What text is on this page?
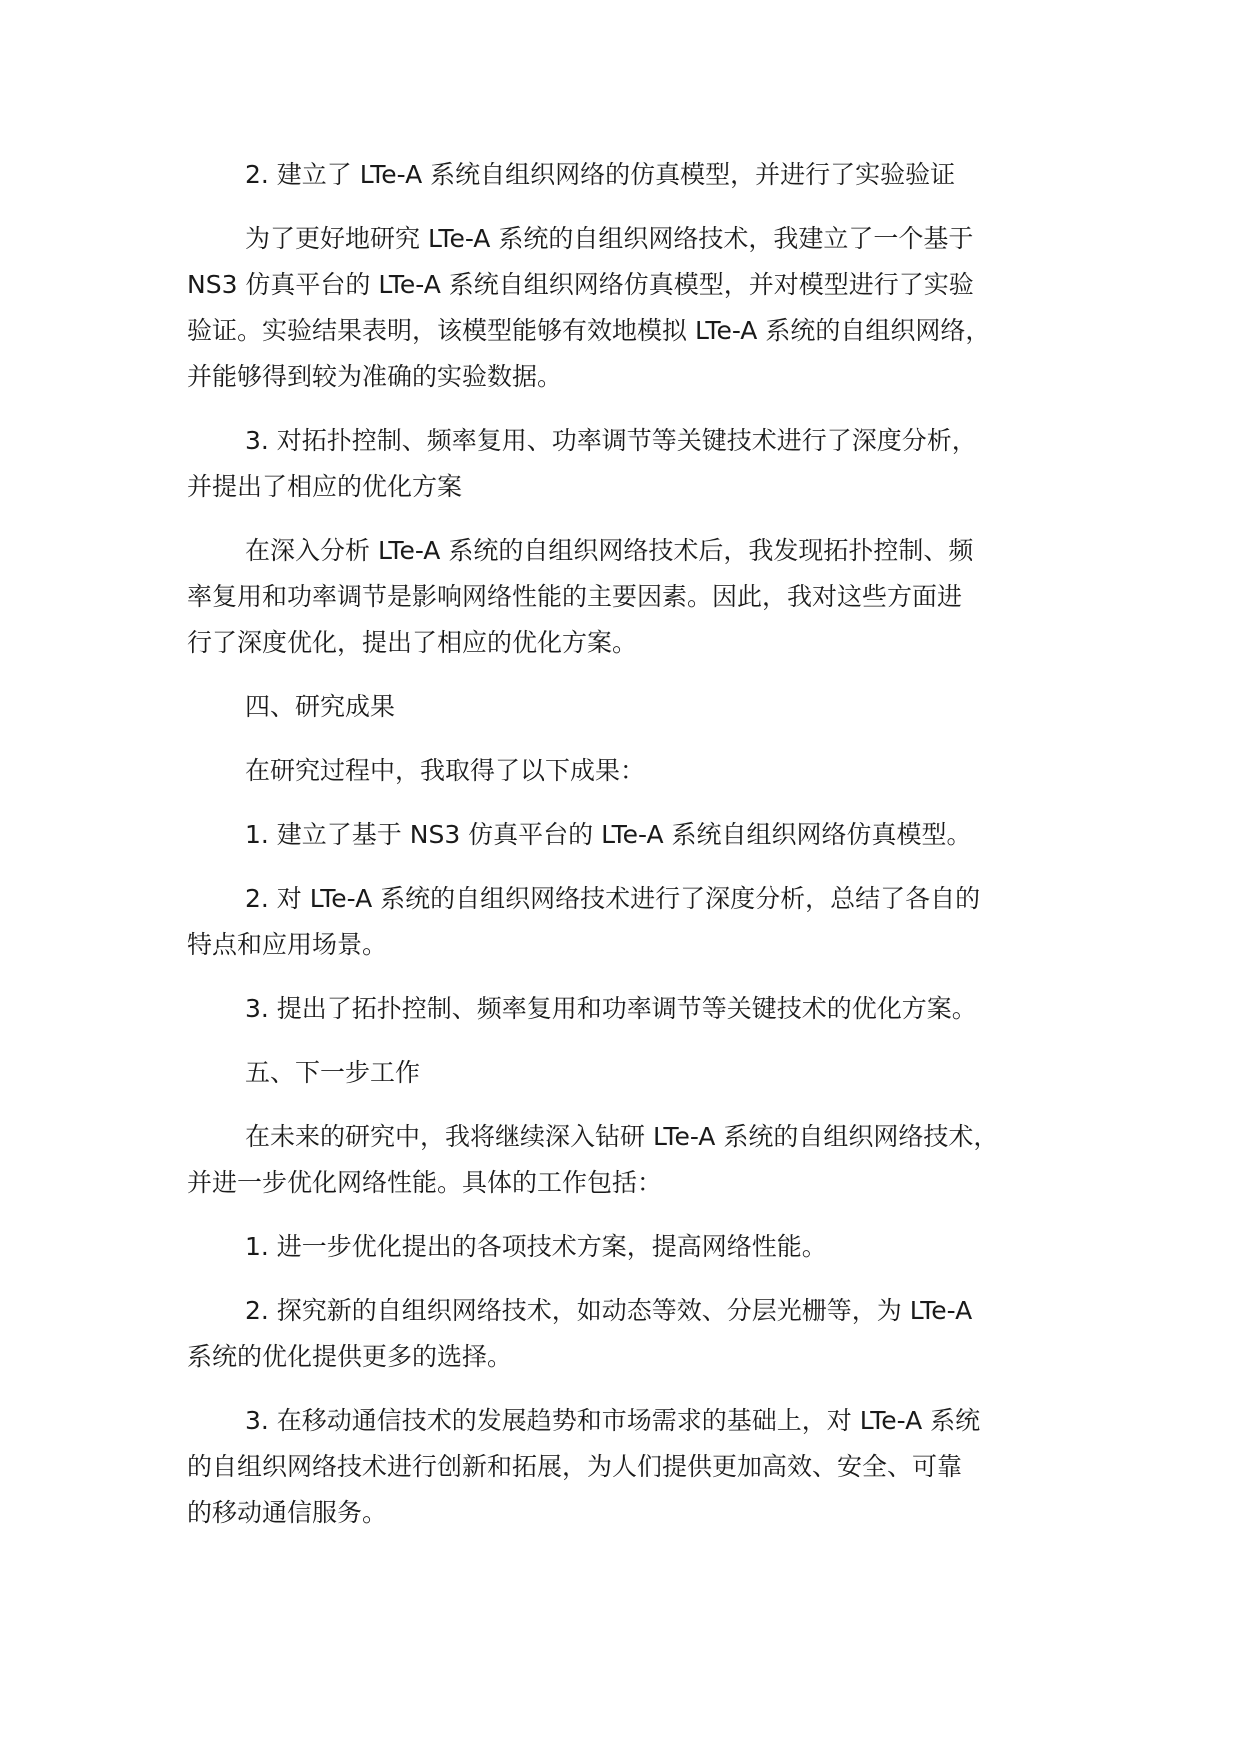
2. 建立了 LTe-A 系统自组织网络的仿真模型，并进行了实验验证

为了更好地研究 LTe-A 系统的自组织网络技术，我建立了一个基于
NS3 仿真平台的 LTe-A 系统自组织网络仿真模型，并对模型进行了实验
验证。实验结果表明，该模型能够有效地模拟 LTe-A 系统的自组织网络，
并能够得到较为准确的实验数据。

3. 对拓扑控制、频率复用、功率调节等关键技术进行了深度分析，
并提出了相应的优化方案

在深入分析 LTe-A 系统的自组织网络技术后，我发现拓扑控制、频
率复用和功率调节是影响网络性能的主要因素。因此，我对这些方面进
行了深度优化，提出了相应的优化方案。

四、研究成果

在研究过程中，我取得了以下成果：

1. 建立了基于 NS3 仿真平台的 LTe-A 系统自组织网络仿真模型。

2. 对 LTe-A 系统的自组织网络技术进行了深度分析，总结了各自的
特点和应用场景。

3. 提出了拓扑控制、频率复用和功率调节等关键技术的优化方案。

五、下一步工作

在未来的研究中，我将继续深入钻研 LTe-A 系统的自组织网络技术，
并进一步优化网络性能。具体的工作包括：

1. 进一步优化提出的各项技术方案，提高网络性能。

2. 探究新的自组织网络技术，如动态等效、分层光栅等，为 LTe-A
系统的优化提供更多的选择。

3. 在移动通信技术的发展趋势和市场需求的基础上，对 LTe-A 系统
的自组织网络技术进行创新和拓展，为人们提供更加高效、安全、可靠
的移动通信服务。
